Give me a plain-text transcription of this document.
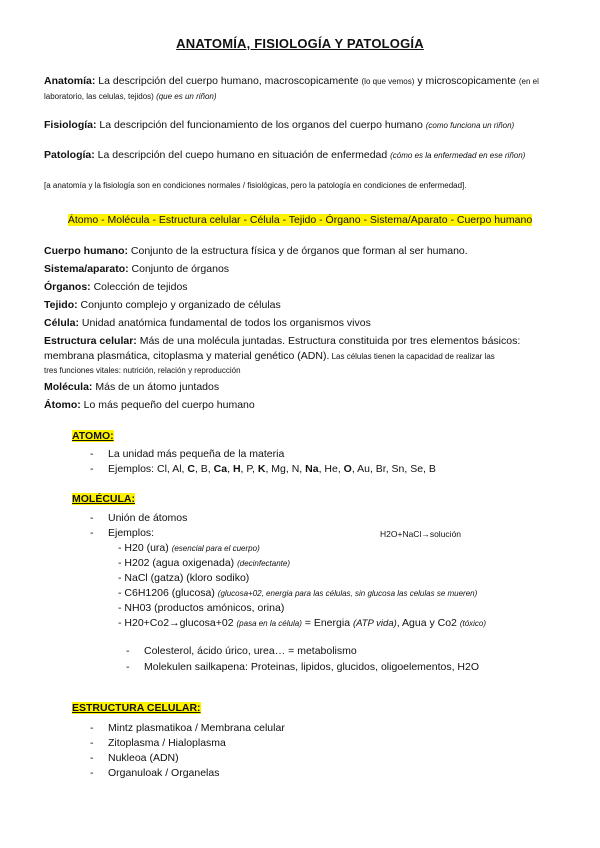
ANATOMÍA, FISIOLOGÍA Y PATOLOGÍA
Anatomía: La descripción del cuerpo humano, macroscopicamente (lo que vemos) y microscopicamente (en el laboratorio, las celulas, tejidos) (que es un riñon)
Fisiología: La descripción del funcionamiento de los organos del cuerpo humano (como funciona un riñon)
Patología: La descripción del cuepo humano en situación de enfermedad (cómo es la enfermedad en ese riñon)
[a anatomía y la fisiología son en condiciones normales / fisiológicas, pero la patología en condiciones de enfermedad].
Átomo - Molécula - Estructura celular - Célula - Tejido - Órgano - Sistema/Aparato - Cuerpo humano
Cuerpo humano: Conjunto de la estructura física y de órganos que forman al ser humano.
Sistema/aparato: Conjunto de órganos
Órganos: Colección de tejidos
Tejido: Conjunto complejo y organizado de células
Célula: Unidad anatómica fundamental de todos los organismos vivos
Estructura celular: Más de una molécula juntadas. Estructura constituida por tres elementos básicos:
membrana plasmática, citoplasma y material genético (ADN). Las células tienen la capacidad de realizar las
tres funciones vitales: nutrición, relación y reproducción
Molécula: Más de un átomo juntados
Átomo: Lo más pequeño del cuerpo humano
ATOMO:
- La unidad más pequeña de la materia
- Ejemplos: Cl, Al, C, B, Ca, H, P, K, Mg, N, Na, He, O, Au, Br, Sn, Se, B
MOLÉCULA:
- Unión de átomos
- Ejemplos:	H2O+NaCl→solución
- H20 (ura) (esencial para el cuerpo)
- H202 (agua oxigenada) (decinfectante)
- NaCl (gatza) (kloro sodiko)
- C6H1206 (glucosa) (glucosa+02, energia para las células, sin glucosa las celulas se mueren)
- NH03 (productos amónicos, orina)
- H20+Co2→glucosa+02 (pasa en la célula) = Energia (ATP vida), Agua y Co2 (tóxico)
- Colesterol, ácido úrico, urea… = metabolismo
- Molekulen sailkapena: Proteinas, lipidos, glucidos, oligoelementos, H2O
ESTRUCTURA CELULAR:
- Mintz plasmatikoa / Membrana celular
- Zitoplasma / Hialoplasma
- Nukleoa (ADN)
- Organuloak / Organelas
